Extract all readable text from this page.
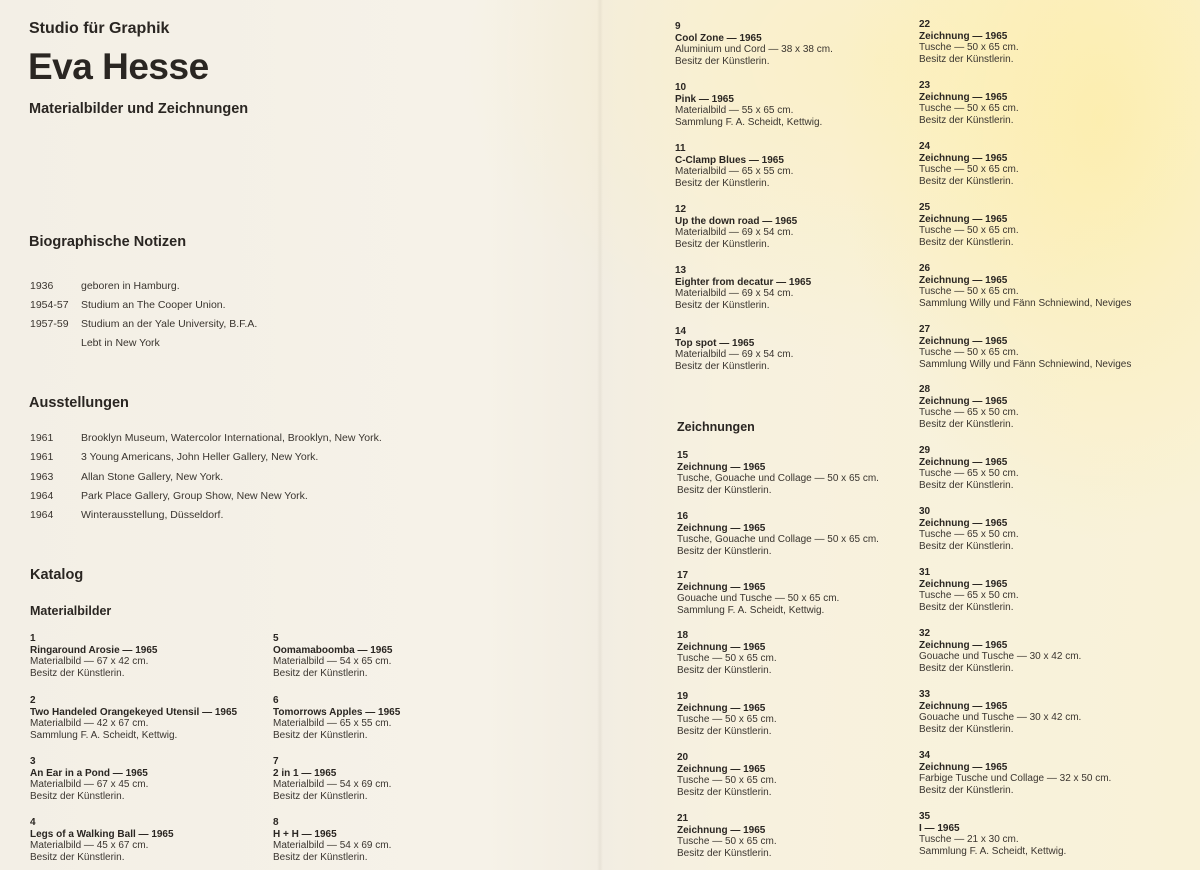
Studio für Graphik
Eva Hesse
Materialbilder und Zeichnungen
Biographische Notizen
1936	geboren in Hamburg.
1954-57 Studium an The Cooper Union.
1957-59 Studium an der Yale University, B.F.A.
Lebt in New York
Ausstellungen
1961	Brooklyn Museum, Watercolor International, Brooklyn, New York.
1961	3 Young Americans, John Heller Gallery, New York.
1963	Allan Stone Gallery, New York.
1964	Park Place Gallery, Group Show, New New York.
1964	Winterausstellung, Düsseldorf.
Katalog
Materialbilder
Zeichnungen
1
Ringaround Arosie — 1965
Materialbild — 67 x 42 cm.
Besitz der Künstlerin.
2
Two Handeled Orangekeyed Utensil — 1965
Materialbild — 42 x 67 cm.
Sammlung F. A. Scheidt, Kettwig.
3
An Ear in a Pond — 1965
Materialbild — 67 x 45 cm.
Besitz der Künstlerin.
4
Legs of a Walking Ball — 1965
Materialbild — 45 x 67 cm.
Besitz der Künstlerin.
5
Oomamaboomba — 1965
Materialbild — 54 x 65 cm.
Besitz der Künstlerin.
6
Tomorrows Apples — 1965
Materialbild — 65 x 55 cm.
Besitz der Künstlerin.
7
2 in 1 — 1965
Materialbild — 54 x 69 cm.
Besitz der Künstlerin.
8
H + H — 1965
Materialbild — 54 x 69 cm.
Besitz der Künstlerin.
9
Cool Zone — 1965
Aluminium und Cord — 38 x 38 cm.
Besitz der Künstlerin.
10
Pink — 1965
Materialbild — 55 x 65 cm.
Sammlung F. A. Scheidt, Kettwig.
11
C-Clamp Blues — 1965
Materialbild — 65 x 55 cm.
Besitz der Künstlerin.
12
Up the down road — 1965
Materialbild — 69 x 54 cm.
Besitz der Künstlerin.
13
Eighter from decatur — 1965
Materialbild — 69 x 54 cm.
Besitz der Künstlerin.
14
Top spot — 1965
Materialbild — 69 x 54 cm.
Besitz der Künstlerin.
15
Zeichnung — 1965
Tusche, Gouache und Collage — 50 x 65 cm.
Besitz der Künstlerin.
16
Zeichnung — 1965
Tusche, Gouache und Collage — 50 x 65 cm.
Besitz der Künstlerin.
17
Zeichnung — 1965
Gouache und Tusche — 50 x 65 cm.
Sammlung F. A. Scheidt, Kettwig.
18
Zeichnung — 1965
Tusche — 50 x 65 cm.
Besitz der Künstlerin.
19
Zeichnung — 1965
Tusche — 50 x 65 cm.
Besitz der Künstlerin.
20
Zeichnung — 1965
Tusche — 50 x 65 cm.
Besitz der Künstlerin.
21
Zeichnung — 1965
Tusche — 50 x 65 cm.
Besitz der Künstlerin.
22
Zeichnung — 1965
Tusche — 50 x 65 cm.
Besitz der Künstlerin.
23
Zeichnung — 1965
Tusche — 50 x 65 cm.
Besitz der Künstlerin.
24
Zeichnung — 1965
Tusche — 50 x 65 cm.
Besitz der Künstlerin.
25
Zeichnung — 1965
Tusche — 50 x 65 cm.
Besitz der Künstlerin.
26
Zeichnung — 1965
Tusche — 50 x 65 cm.
Sammlung Willy und Fänn Schniewind, Neviges
27
Zeichnung — 1965
Tusche — 50 x 65 cm.
Sammlung Willy und Fänn Schniewind, Neviges
28
Zeichnung — 1965
Tusche — 65 x 50 cm.
Besitz der Künstlerin.
29
Zeichnung — 1965
Tusche — 65 x 50 cm.
Besitz der Künstlerin.
30
Zeichnung — 1965
Tusche — 65 x 50 cm.
Besitz der Künstlerin.
31
Zeichnung — 1965
Tusche — 65 x 50 cm.
Besitz der Künstlerin.
32
Zeichnung — 1965
Gouache und Tusche — 30 x 42 cm.
Besitz der Künstlerin.
33
Zeichnung — 1965
Gouache und Tusche — 30 x 42 cm.
Besitz der Künstlerin.
34
Zeichnung — 1965
Farbige Tusche und Collage — 32 x 50 cm.
Besitz der Künstlerin.
35
I — 1965
Tusche — 21 x 30 cm.
Sammlung F. A. Scheidt, Kettwig.
